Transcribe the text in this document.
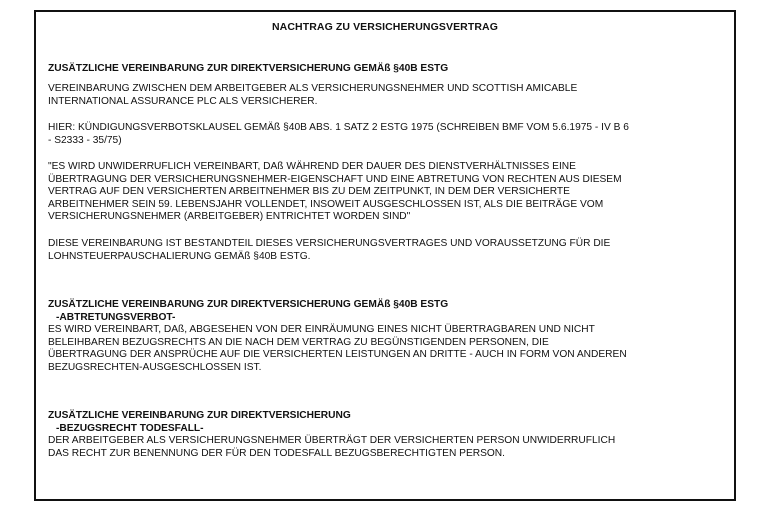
NACHTRAG ZU VERSICHERUNGSVERTRAG
ZUSÄTZLICHE VEREINBARUNG ZUR DIREKTVERSICHERUNG GEMÄß §40B ESTG
VEREINBARUNG ZWISCHEN DEM ARBEITGEBER ALS VERSICHERUNGSNEHMER UND SCOTTISH AMICABLE
INTERNATIONAL ASSURANCE PLC ALS VERSICHERER.
HIER: KÜNDIGUNGSVERBOTSKLAUSEL GEMÄß §40B ABS. 1 SATZ 2 ESTG 1975 (SCHREIBEN BMF VOM 5.6.1975 - IV B 6
- S2333 - 35/75)
"ES WIRD UNWIDERRUFLICH VEREINBART, DAß WÄHREND DER DAUER DES DIENSTVERHÄLTNISSES EINE
ÜBERTRAGUNG DER VERSICHERUNGSNEHMER-EIGENSCHAFT UND EINE ABTRETUNG VON RECHTEN AUS DIESEM
VERTRAG AUF DEN VERSICHERTEN ARBEITNEHMER BIS ZU DEM ZEITPUNKT, IN DEM DER VERSICHERTE
ARBEITNEHMER SEIN 59. LEBENSJAHR VOLLENDET, INSOWEIT AUSGESCHLOSSEN IST, ALS DIE BEITRÄGE VOM
VERSICHERUNGSNEHMER (ARBEITGEBER) ENTRICHTET WORDEN SIND"
DIESE VEREINBARUNG IST BESTANDTEIL DIESES VERSICHERUNGSVERTRAGES UND VORAUSSETZUNG FÜR DIE
LOHNSTEUERPAUSCHALIERUNG GEMÄß §40B ESTG.
ZUSÄTZLICHE VEREINBARUNG ZUR DIREKTVERSICHERUNG GEMÄß §40B ESTG
-ABTRETUNGSVERBOT-
ES WIRD VEREINBART, DAß, ABGESEHEN VON DER EINRÄUMUNG EINES NICHT ÜBERTRAGBAREN UND NICHT
BELEIHBAREN BEZUGSRECHTS AN DIE NACH DEM VERTRAG ZU BEGÜNSTIGENDEN PERSONEN, DIE
ÜBERTRAGUNG DER ANSPRÜCHE AUF DIE VERSICHERTEN LEISTUNGEN AN DRITTE - AUCH IN FORM VON ANDEREN
BEZUGSRECHTEN-AUSGESCHLOSSEN IST.
ZUSÄTZLICHE VEREINBARUNG ZUR DIREKTVERSICHERUNG
-BEZUGSRECHT TODESFALL-
DER ARBEITGEBER ALS VERSICHERUNGSNEHMER ÜBERTRÄGT DER VERSICHERTEN PERSON UNWIDERRUFLICH
DAS RECHT ZUR BENENNUNG DER FÜR DEN TODESFALL BEZUGSBERECHTIGTEN PERSON.
